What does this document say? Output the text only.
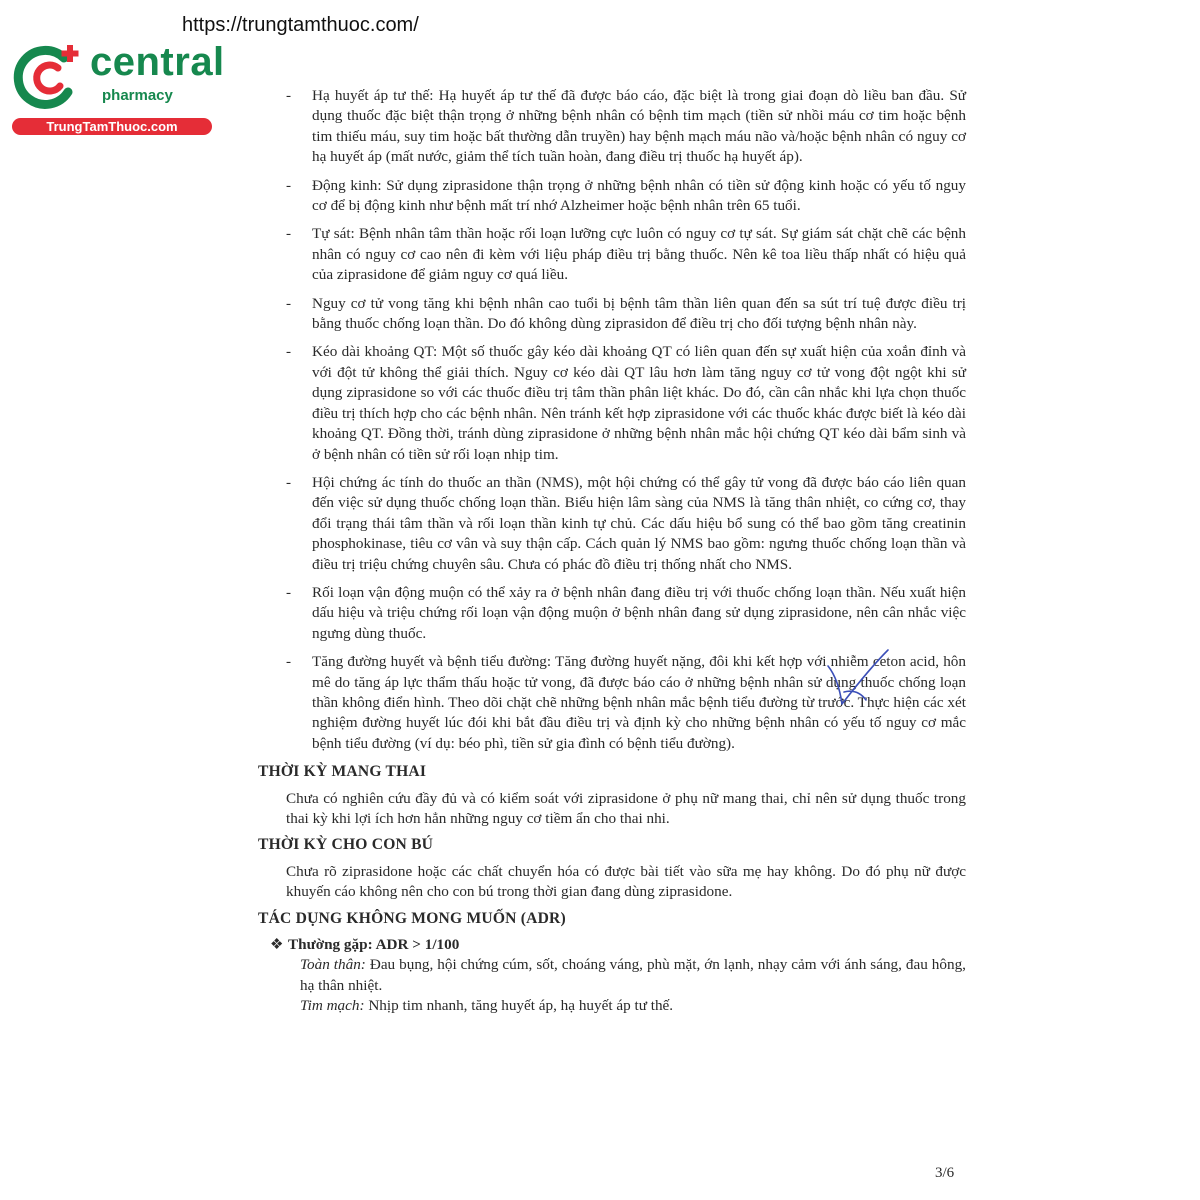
https://trungtamthuoc.com/
central
pharmacy
TrungTamThuoc.com
- Hạ huyết áp tư thế: Hạ huyết áp tư thế đã được báo cáo, đặc biệt là trong giai đoạn dò liều ban đầu. Sử dụng thuốc đặc biệt thận trọng ở những bệnh nhân có bệnh tim mạch (tiền sử nhồi máu cơ tim hoặc bệnh tim thiếu máu, suy tim hoặc bất thường dẫn truyền) hay bệnh mạch máu não và/hoặc bệnh nhân có nguy cơ hạ huyết áp (mất nước, giảm thể tích tuần hoàn, đang điều trị thuốc hạ huyết áp).
- Động kinh: Sử dụng ziprasidone thận trọng ở những bệnh nhân có tiền sử động kinh hoặc có yếu tố nguy cơ để bị động kinh như bệnh mất trí nhớ Alzheimer hoặc bệnh nhân trên 65 tuổi.
- Tự sát: Bệnh nhân tâm thần hoặc rối loạn lưỡng cực luôn có nguy cơ tự sát. Sự giám sát chặt chẽ các bệnh nhân có nguy cơ cao nên đi kèm với liệu pháp điều trị bằng thuốc. Nên kê toa liều thấp nhất có hiệu quả của ziprasidone để giảm nguy cơ quá liều.
- Nguy cơ tử vong tăng khi bệnh nhân cao tuổi bị bệnh tâm thần liên quan đến sa sút trí tuệ được điều trị bằng thuốc chống loạn thần. Do đó không dùng ziprasidon để điều trị cho đối tượng bệnh nhân này.
- Kéo dài khoảng QT: Một số thuốc gây kéo dài khoảng QT có liên quan đến sự xuất hiện của xoắn đỉnh và với đột tử không thể giải thích. Nguy cơ kéo dài QT lâu hơn làm tăng nguy cơ tử vong đột ngột khi sử dụng ziprasidone so với các thuốc điều trị tâm thần phân liệt khác. Do đó, cần cân nhắc khi lựa chọn thuốc điều trị thích hợp cho các bệnh nhân. Nên tránh kết hợp ziprasidone với các thuốc khác được biết là kéo dài khoảng QT. Đồng thời, tránh dùng ziprasidone ở những bệnh nhân mắc hội chứng QT kéo dài bẩm sinh và ở bệnh nhân có tiền sử rối loạn nhịp tim.
- Hội chứng ác tính do thuốc an thần (NMS), một hội chứng có thể gây tử vong đã được báo cáo liên quan đến việc sử dụng thuốc chống loạn thần. Biểu hiện lâm sàng của NMS là tăng thân nhiệt, co cứng cơ, thay đổi trạng thái tâm thần và rối loạn thần kinh tự chủ. Các dấu hiệu bổ sung có thể bao gồm tăng creatinin phosphokinase, tiêu cơ vân và suy thận cấp. Cách quản lý NMS bao gồm: ngưng thuốc chống loạn thần và điều trị triệu chứng chuyên sâu. Chưa có phác đồ điều trị thống nhất cho NMS.
- Rối loạn vận động muộn có thể xảy ra ở bệnh nhân đang điều trị với thuốc chống loạn thần. Nếu xuất hiện dấu hiệu và triệu chứng rối loạn vận động muộn ở bệnh nhân đang sử dụng ziprasidone, nên cân nhắc việc ngưng dùng thuốc.
- Tăng đường huyết và bệnh tiểu đường: Tăng đường huyết nặng, đôi khi kết hợp với nhiễm ceton acid, hôn mê do tăng áp lực thẩm thấu hoặc tử vong, đã được báo cáo ở những bệnh nhân sử dụng thuốc chống loạn thần không điển hình. Theo dõi chặt chẽ những bệnh nhân mắc bệnh tiểu đường từ trước. Thực hiện các xét nghiệm đường huyết lúc đói khi bắt đầu điều trị và định kỳ cho những bệnh nhân có yếu tố nguy cơ mắc bệnh tiểu đường (ví dụ: béo phì, tiền sử gia đình có bệnh tiểu đường).
THỜI KỲ MANG THAI
Chưa có nghiên cứu đầy đủ và có kiểm soát với ziprasidone ở phụ nữ mang thai, chỉ nên sử dụng thuốc trong thai kỳ khi lợi ích hơn hẳn những nguy cơ tiềm ẩn cho thai nhi.
THỜI KỲ CHO CON BÚ
Chưa rõ ziprasidone hoặc các chất chuyển hóa có được bài tiết vào sữa mẹ hay không. Do đó phụ nữ được khuyến cáo không nên cho con bú trong thời gian đang dùng ziprasidone.
TÁC DỤNG KHÔNG MONG MUỐN (ADR)
❖ Thường gặp: ADR > 1/100
Toàn thân: Đau bụng, hội chứng cúm, sốt, choáng váng, phù mặt, ớn lạnh, nhạy cảm với ánh sáng, đau hông, hạ thân nhiệt.
Tim mạch: Nhịp tim nhanh, tăng huyết áp, hạ huyết áp tư thế.
3/6
